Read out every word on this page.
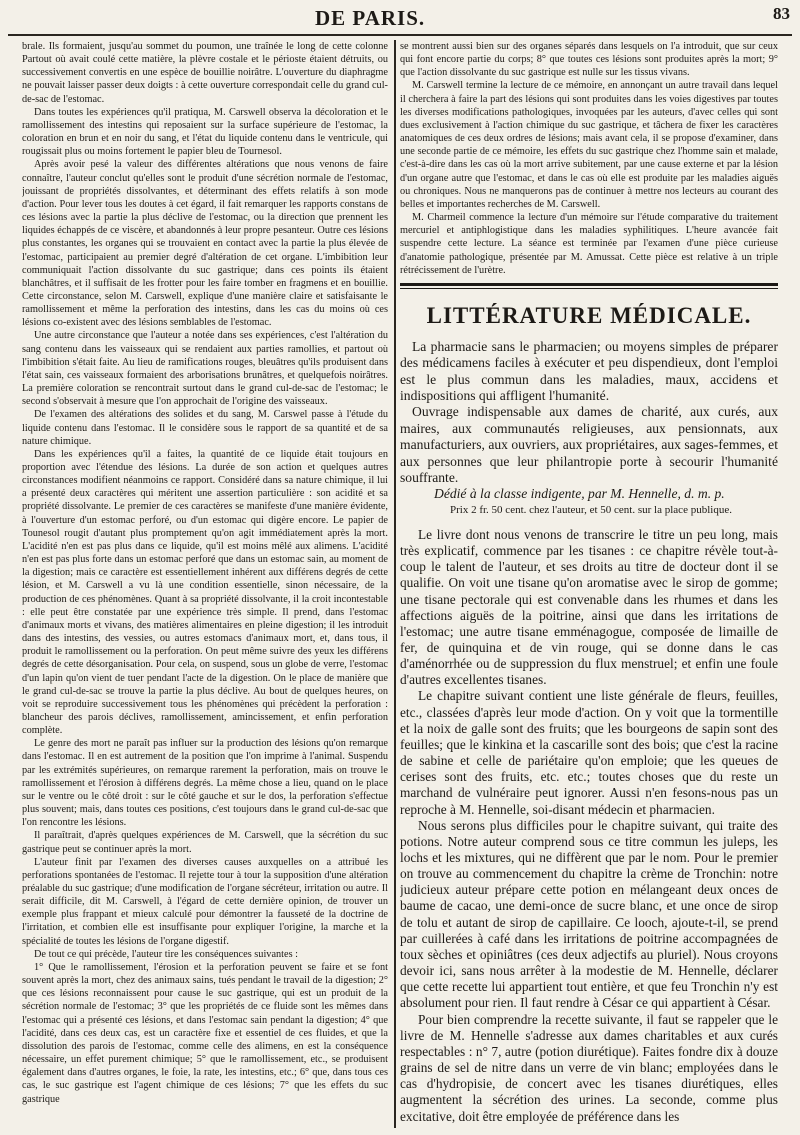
DE PARIS.	83

brale. Ils formaient, jusqu'au sommet du poumon, une traînée le long de cette colonne Partout où avait coulé cette matière, la plèvre costale et le périoste étaient détruits, ou successivement convertis en une espèce de bouillie noirâtre. L'ouverture du diaphragme ne pouvait laisser passer deux doigts : à cette ouverture correspondait celle du grand cul-de-sac de l'estomac.

Dans toutes les expériences qu'il pratiqua, M. Carswell observa la décoloration et le ramollissement des intestins qui reposaient sur la surface supérieure de l'estomac, la coloration en brun et en noir du sang, et l'état du liquide contenu dans le ventricule, qui rougissait plus ou moins fortement le papier bleu de Tournesol.

Après avoir pesé la valeur des différentes altérations que nous venons de faire connaître, l'auteur conclut qu'elles sont le produit d'une sécrétion normale de l'estomac, jouissant de propriétés dissolvantes, et déterminant des effets relatifs à son mode d'action. Pour lever tous les doutes à cet égard, il fait remarquer les rapports constans de ces lésions avec la partie la plus déclive de l'estomac, ou la direction que prennent les liquides échappés de ce viscère, et abandonnés à leur propre pesanteur. Outre ces lésions plus constantes, les organes qui se trouvaient en contact avec la partie la plus élevée de l'estomac, participaient au premier degré d'altération de cet organe. L'imbibition leur communiquait l'action dissolvante du suc gastrique; dans ces points ils étaient blanchâtres, et il suffisait de les frotter pour les faire tomber en fragmens et en bouillie. Cette circonstance, selon M. Carswell, explique d'une manière claire et satisfaisante le ramollissement et même la perforation des intestins, dans les cas du moins où ces lésions co-existent avec des lésions semblables de l'estomac.

Une autre circonstance que l'auteur a notée dans ses expériences, c'est l'altération du sang contenu dans les vaisseaux qui se rendaient aux parties ramollies, et partout où l'imbibition s'était faite. Au lieu de ramifications rouges, bleuâtres qu'ils produisent dans l'état sain, ces vaisseaux formaient des arborisations brunâtres, et quelquefois noirâtres. La première coloration se rencontrait surtout dans le grand cul-de-sac de l'estomac; le second s'observait à mesure que l'on approchait de l'origine des vaisseaux.

De l'examen des altérations des solides et du sang, M. Carswel passe à l'étude du liquide contenu dans l'estomac. Il le considère sous le rapport de sa quantité et de sa nature chimique.

Dans les expériences qu'il a faites, la quantité de ce liquide était toujours en proportion avec l'étendue des lésions. La durée de son action et quelques autres circonstances modifient néanmoins ce rapport. Considéré dans sa nature chimique, il lui a présenté deux caractères qui méritent une assertion particulière : son acidité et sa propriété dissolvante. Le premier de ces caractères se manifeste d'une manière évidente, à l'ouverture d'un estomac perforé, ou d'un estomac qui digère encore. Le papier de Tounesol rougit d'autant plus promptement qu'on agit immédiatement après la mort. L'acidité n'en est pas plus dans ce liquide, qu'il est moins mêlé aux alimens. L'acidité n'en est pas plus forte dans un estomac perforé que dans un estomac sain, au moment de la digestion; mais ce caractère est essentiellement inhérent aux différens degrés de cette lésion, et M. Carswell a vu là une condition essentielle, sinon nécessaire, de la production de ces phénomènes. Quant à sa propriété dissolvante, il la croit incontestable : elle peut être constatée par une expérience très simple. Il prend, dans l'estomac d'animaux morts et vivans, des matières alimentaires en pleine digestion; il les introduit dans des intestins, des vessies, ou autres estomacs d'animaux mort, et, dans tous, il produit le ramollissement ou la perforation. On peut même suivre des yeux les différens degrés de cette désorganisation. Pour cela, on suspend, sous un globe de verre, l'estomac d'un lapin qu'on vient de tuer pendant l'acte de la digestion. On le place de manière que le grand cul-de-sac se trouve la partie la plus déclive. Au bout de quelques heures, on voit se reproduire successivement tous les phénomènes qui précèdent la perforation : blancheur des parois déclives, ramollissement, amincissement, et enfin perforation complète.

Le genre des mort ne paraît pas influer sur la production des lésions qu'on remarque dans l'estomac. Il en est autrement de la position que l'on imprime à l'animal. Suspendu par les extrémités supérieures, on remarque rarement la perforation, mais on trouve le ramollissement et l'érosion à différens degrés. La même chose a lieu, quand on le place sur le ventre ou le côté droit : sur le côté gauche et sur le dos, la perforation s'effectue plus souvent; mais, dans toutes ces positions, c'est toujours dans le grand cul-de-sac que l'on rencontre les lésions.

Il paraîtrait, d'après quelques expériences de M. Carswell, que la sécrétion du suc gastrique peut se continuer après la mort.

L'auteur finit par l'examen des diverses causes auxquelles on a attribué les perforations spontanées de l'estomac. Il rejette tour à tour la supposition d'une altération préalable du suc gastrique; d'une modification de l'organe sécréteur, irritation ou autre. Il serait difficile, dit M. Carswell, à l'égard de cette dernière opinion, de trouver un exemple plus frappant et mieux calculé pour démontrer la fausseté de la doctrine de l'irritation, et combien elle est insuffisante pour expliquer l'origine, la marche et la spécialité de toutes les lésions de l'organe digestif.

De tout ce qui précède, l'auteur tire les conséquences suivantes :

1° Que le ramollissement, l'érosion et la perforation peuvent se faire et se font souvent après la mort, chez des animaux sains, tués pendant le travail de la digestion; 2° que ces lésions reconnaissent pour cause le suc gastrique, qui est un produit de la sécrétion normale de l'estomac; 3° que les propriétés de ce fluide sont les mêmes dans l'estomac qui a présenté ces lésions, et dans l'estomac sain pendant la digestion; 4° que l'acidité, dans ces deux cas, est un caractère fixe et essentiel de ces fluides, et que la dissolution des parois de l'estomac, comme celle des alimens, en est la conséquence nécessaire, un effet purement chimique; 5° que le ramollissement, etc., se produisent également dans d'autres organes, le foie, la rate, les intestins, etc.; 6° que, dans tous ces cas, le suc gastrique est l'agent chimique de ces lésions; 7° que les effets du suc gastrique

se montrent aussi bien sur des organes séparés dans lesquels on l'a introduit, que sur ceux qui font encore partie du corps; 8° que toutes ces lésions sont produites après la mort; 9° que l'action dissolvante du suc gastrique est nulle sur les tissus vivans.

M. Carswell termine la lecture de ce mémoire, en annonçant un autre travail dans lequel il cherchera à faire la part des lésions qui sont produites dans les voies digestives par toutes les diverses modifications pathologiques, invoquées par les auteurs, d'avec celles qui sont dues exclusivement à l'action chimique du suc gastrique, et tâchera de fixer les caractères anatomiques de ces deux ordres de lésions; mais avant cela, il se propose d'examiner, dans une seconde partie de ce mémoire, les effets du suc gastrique chez l'homme sain et malade, c'est-à-dire dans les cas où la mort arrive subitement, par une cause externe et par la lésion d'un organe autre que l'estomac, et dans le cas où elle est produite par les maladies aiguës ou chroniques. Nous ne manquerons pas de continuer à mettre nos lecteurs au courant des belles et importantes recherches de M. Carswell.

M. Charmeil commence la lecture d'un mémoire sur l'étude comparative du traitement mercuriel et antiphlogistique dans les maladies syphilitiques. L'heure avancée fait suspendre cette lecture. La séance est terminée par l'examen d'une pièce curieuse d'anatomie pathologique, présentée par M. Amussat. Cette pièce est relative à un triple rétrécissement de l'urètre.

LITTÉRATURE MÉDICALE.

La pharmacie sans le pharmacien; ou moyens simples de préparer des médicamens faciles à exécuter et peu dispendieux, dont l'emploi est le plus commun dans les maladies, maux, accidens et indispositions qui affligent l'humanité.

Ouvrage indispensable aux dames de charité, aux curés, aux maires, aux communautés religieuses, aux pensionnats, aux manufacturiers, aux ouvriers, aux propriétaires, aux sages-femmes, et aux personnes que leur philantropie porte à secourir l'humanité souffrante.

Dédié à la classe indigente, par M. Hennelle, d. m. p.

Prix 2 fr. 50 cent. chez l'auteur, et 50 cent. sur la place publique.

Le livre dont nous venons de transcrire le titre un peu long, mais très explicatif, commence par les tisanes : ce chapitre révèle tout-à-coup le talent de l'auteur, et ses droits au titre de docteur dont il se qualifie. On voit une tisane qu'on aromatise avec le sirop de gomme; une tisane pectorale qui est convenable dans les rhumes et dans les affections aiguës de la poitrine, ainsi que dans les irritations de l'estomac; une autre tisane emménagogue, composée de limaille de fer, de quinquina et de vin rouge, qui se donne dans le cas d'aménorrhée ou de suppression du flux menstruel; et enfin une foule d'autres excellentes tisanes.

Le chapitre suivant contient une liste générale de fleurs, feuilles, etc., classées d'après leur mode d'action. On y voit que la tormentille et la noix de galle sont des fruits; que les bourgeons de sapin sont des feuilles; que le kinkina et la cascarille sont des bois; que c'est la racine de sabine et celle de pariétaire qu'on emploie; que les queues de cerises sont des fruits, etc. etc.; toutes choses que du reste un marchand de vulnéraire peut ignorer. Aussi n'en fesons-nous pas un reproche à M. Hennelle, soi-disant médecin et pharmacien.

Nous serons plus difficiles pour le chapitre suivant, qui traite des potions. Notre auteur comprend sous ce titre commun les juleps, les lochs et les mixtures, qui ne diffèrent que par le nom. Pour le premier on trouve au commencement du chapitre la crème de Tronchin: notre judicieux auteur prépare cette potion en mélangeant deux onces de baume de cacao, une demi-once de sucre blanc, et une once de sirop de tolu et autant de sirop de capillaire. Ce looch, ajoute-t-il, se prend par cuillerées à café dans les irritations de poitrine accompagnées de toux sèches et opiniâtres (ces deux adjectifs au pluriel). Nous croyons devoir ici, sans nous arrêter à la modestie de M. Hennelle, déclarer que cette recette lui appartient tout entière, et que feu Tronchin n'y est absolument pour rien. Il faut rendre à César ce qui appartient à César.

Pour bien comprendre la recette suivante, il faut se rappeler que le livre de M. Hennelle s'adresse aux dames charitables et aux curés respectables : n° 7, autre (potion diurétique). Faites fondre dix à douze grains de sel de nitre dans un verre de vin blanc; employées dans le cas d'hydropisie, de concert avec les tisanes diurétiques, elles augmentent la sécrétion des urines. La seconde, comme plus excitative, doit être employée de préférence dans les
